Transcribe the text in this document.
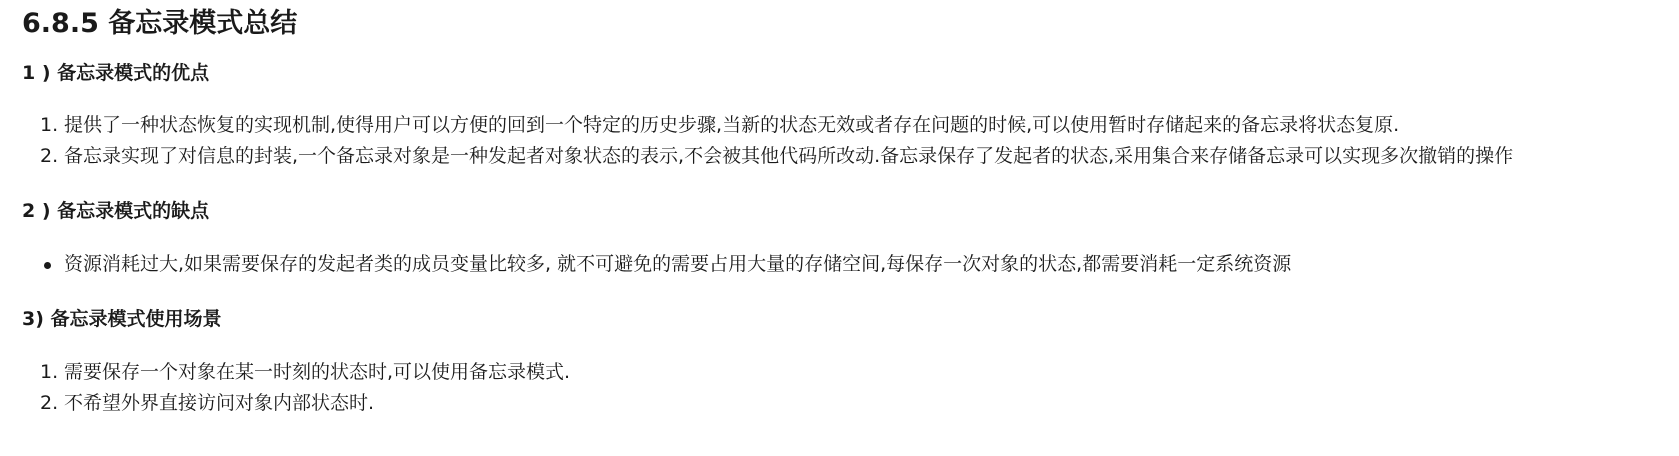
6.8.5 备忘录模式总结
1 ) 备忘录模式的优点
1. 提供了一种状态恢复的实现机制,使得用户可以方便的回到一个特定的历史步骤,当新的状态无效或者存在问题的时候,可以使用暂时存储起来的备忘录将状态复原.
2. 备忘录实现了对信息的封装,一个备忘录对象是一种发起者对象状态的表示,不会被其他代码所改动.备忘录保存了发起者的状态,采用集合来存储备忘录可以实现多次撤销的操作
2 ) 备忘录模式的缺点
资源消耗过大,如果需要保存的发起者类的成员变量比较多, 就不可避免的需要占用大量的存储空间,每保存一次对象的状态,都需要消耗一定系统资源
3) 备忘录模式使用场景
1. 需要保存一个对象在某一时刻的状态时,可以使用备忘录模式.
2. 不希望外界直接访问对象内部状态时.
